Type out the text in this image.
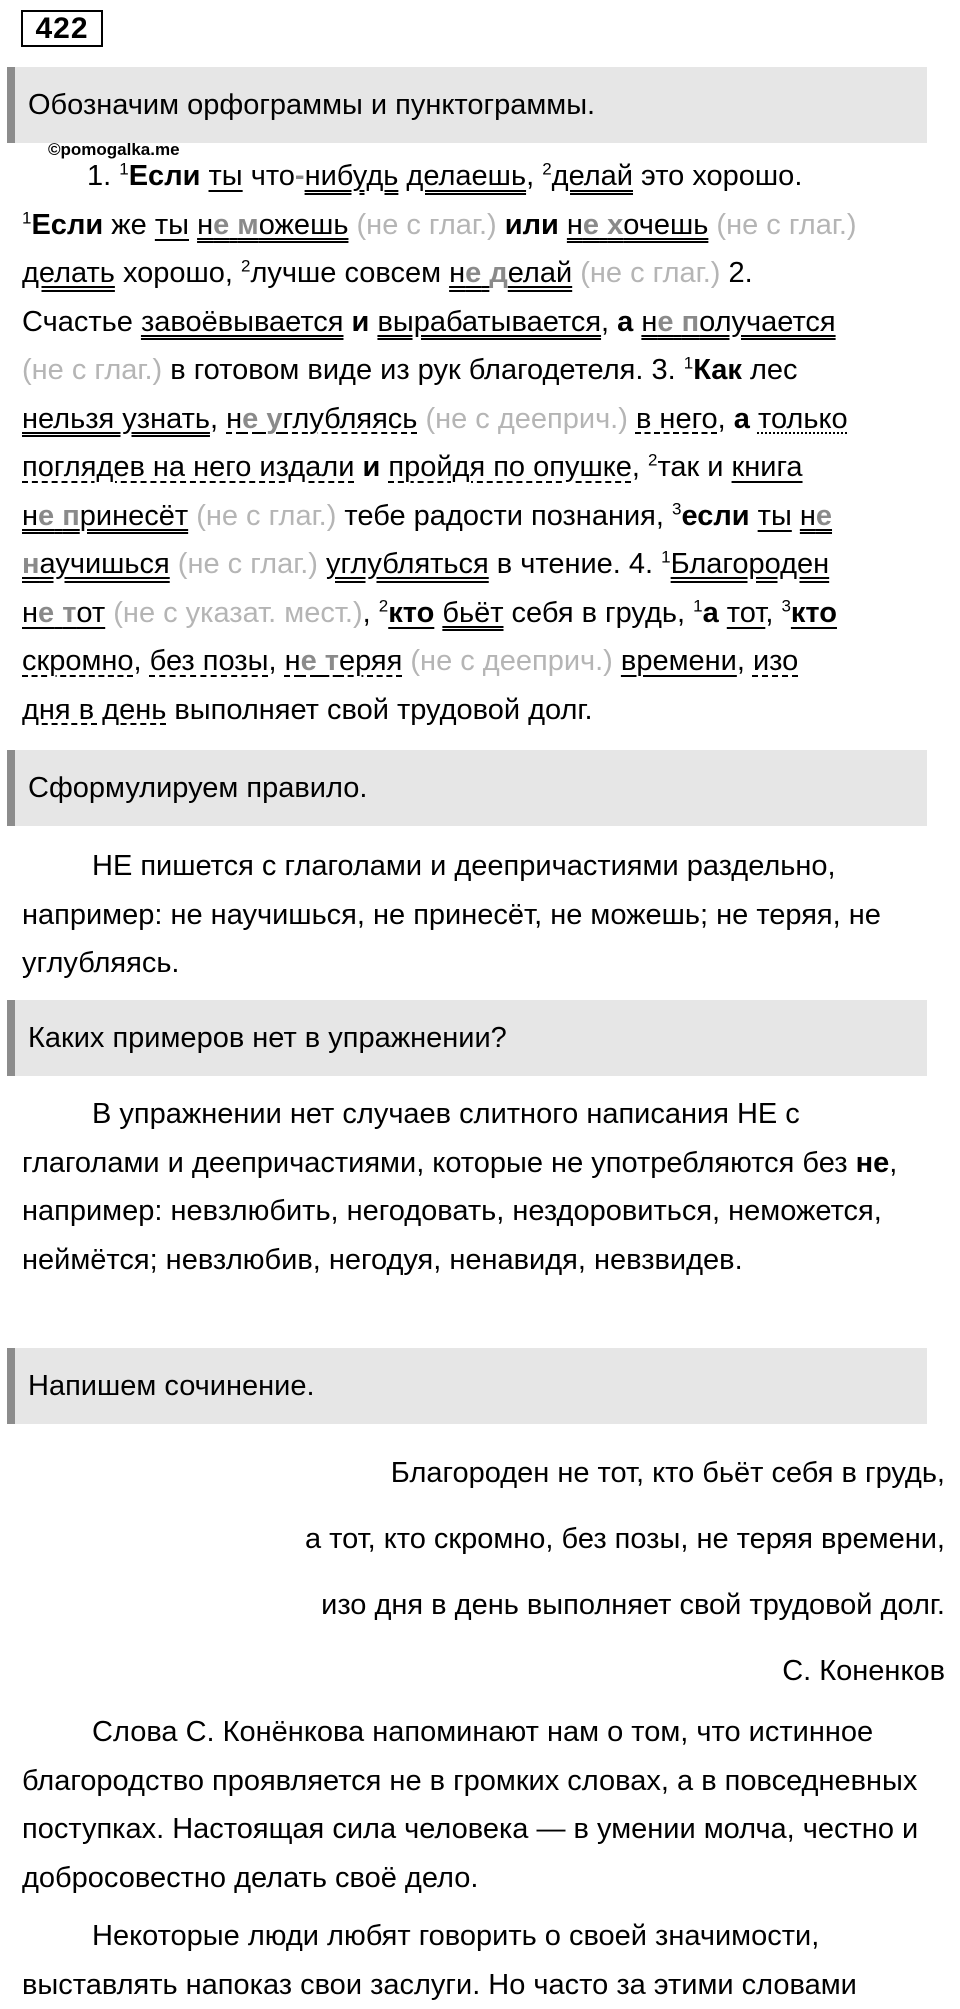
422
Обозначим орфограммы и пунктограммы.
©pomogalka.me

1. $^1$Если ты что-нибудь делаешь, $^2$делай это хорошо.

$^1$Если же ты не можешь (не с глаг.) или не хочешь (не с глаг.)

делать хорошо, $^2$лучше совсем не делай (не с глаг.) 2.

Счастье завоёвывается и вырабатывается, а не получается

(не с глаг.) в готовом виде из рук благодетеля. 3. $^1$Как лес

нельзя узнать, не углубляясь (не с дееприч.) в него, а только

поглядев на него издали и пройдя по опушке, $^2$так и книга

не принесёт (не с глаг.) тебе радости познания, $^3$если ты не

научишься (не с глаг.) углубляться в чтение. 4. $^1$Благороден

не тот (не с указат. мест.), $^2$кто бьёт себя в грудь, $^1$а тот, $^3$кто

скромно, без позы, не теряя (не с дееприч.) времени, изо

дня в день выполняет свой трудовой долг.

Сформулируем правило.

НЕ пишется с глаголами и деепричастиями раздельно, например: не научишься, не принесёт, не можешь; не теряя, не углубляясь.

Каких примеров нет в упражнении?

В упражнении нет случаев слитного написания НЕ с глаголами и деепричастиями, которые не употребляются без не, например: невзлюбить, негодовать, нездоровиться, неможется, неймётся; невзлюбив, негодуя, ненавидя, невзвидев.

Напишем сочинение.
Благороден не тот, кто бьёт себя в грудь,
а тот, кто скромно, без позы, не теряя времени,
изо дня в день выполняет свой трудовой долг.
С. Коненков

Слова С. Конёнкова напоминают нам о том, что истинное благородство проявляется не в громких словах, а в повседневных поступках. Настоящая сила человека — в умении молча, честно и добросовестно делать своё дело.

Некоторые люди любят говорить о своей значимости, выставлять напоказ свои заслуги. Но часто за этими словами
